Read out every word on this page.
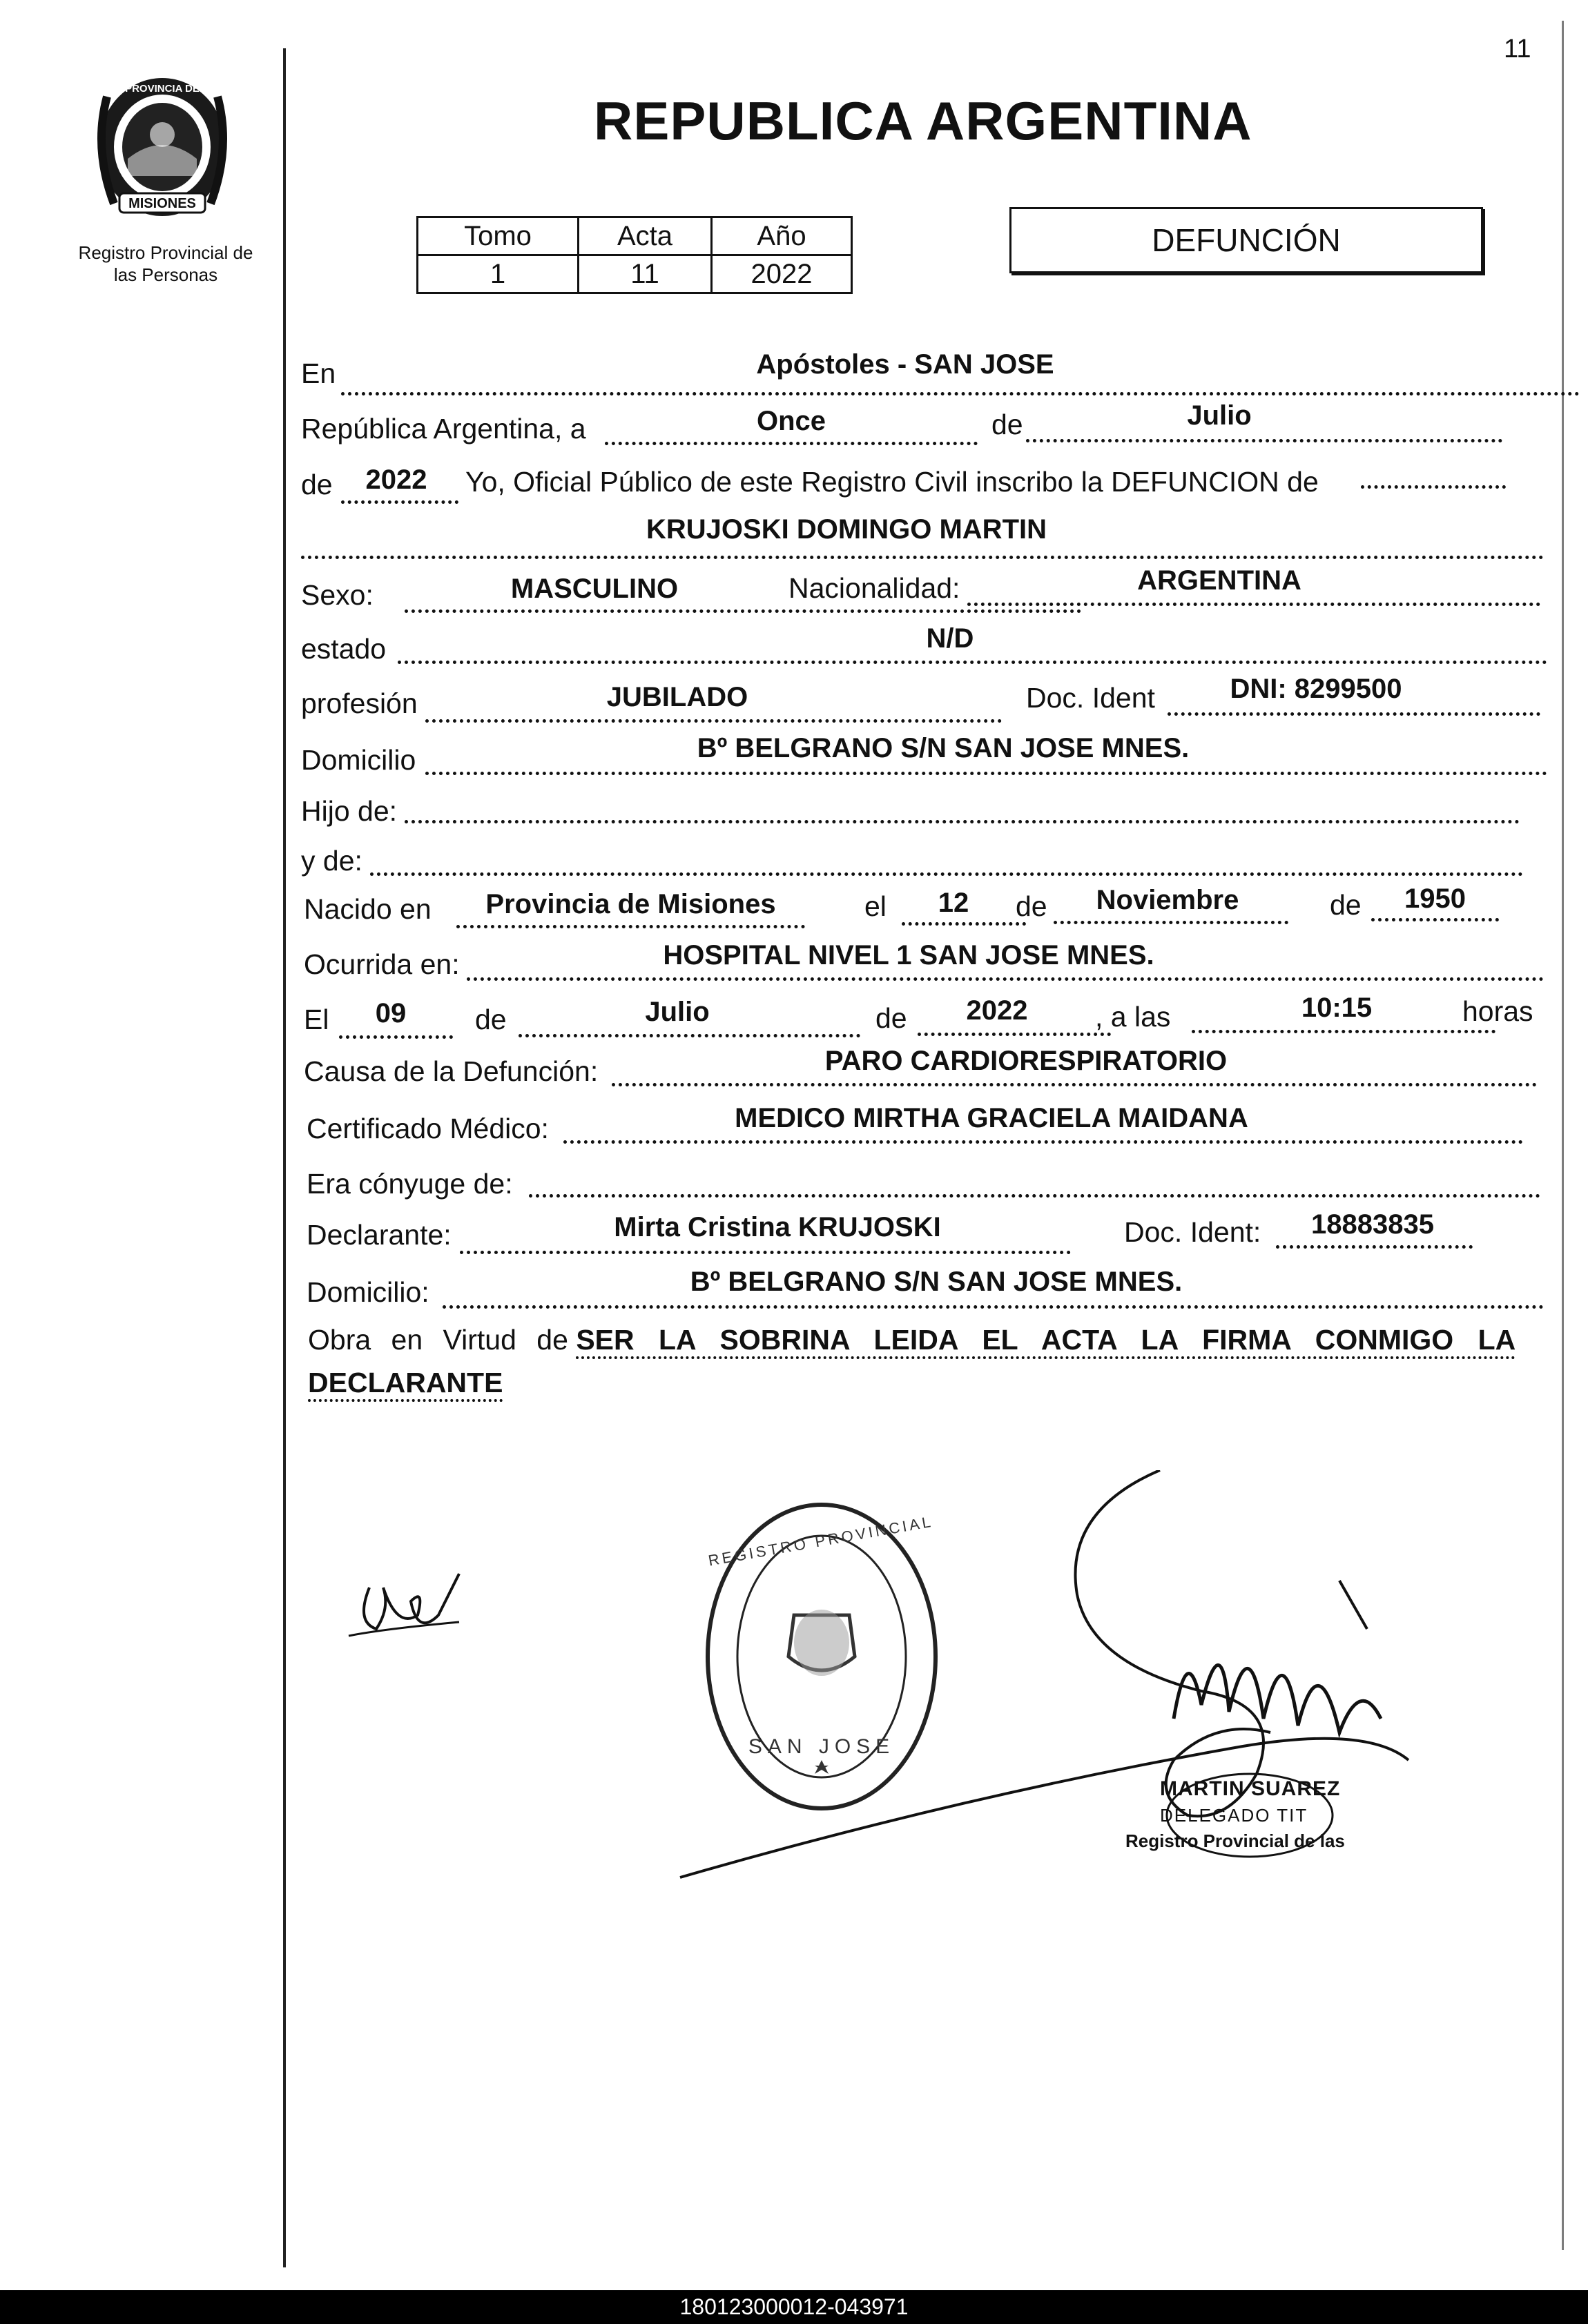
11
PROVINCIA DE
MISIONES
Registro Provincial de
las Personas
REPUBLICA ARGENTINA
Tomo	Acta	Año
1	11	2022
DEFUNCIÓN
En	Apóstoles - SAN JOSE
República Argentina, a	Once	de	Julio
de	2022	Yo, Oficial Público de este Registro Civil inscribo la DEFUNCION de
KRUJOSKI DOMINGO MARTIN
Sexo:	MASCULINO	Nacionalidad:	ARGENTINA
estado	N/D
profesión	JUBILADO	Doc. Ident	DNI: 8299500
Domicilio	Bº BELGRANO S/N SAN JOSE MNES.
Hijo de:
y de:
Nacido en	Provincia de Misiones	el	12	de	Noviembre	de	1950
Ocurrida en:	HOSPITAL NIVEL 1 SAN JOSE MNES.
El	09	de	Julio	de	2022	, a las	10:15	horas
Causa de la Defunción:	PARO CARDIORESPIRATORIO
Certificado Médico:	MEDICO MIRTHA GRACIELA MAIDANA
Era cónyuge de:
Declarante:	Mirta Cristina KRUJOSKI	Doc. Ident:	18883835
Domicilio:	Bº BELGRANO S/N SAN JOSE MNES.
Obra en Virtud de SER LA SOBRINA LEIDA EL ACTA LA FIRMA CONMIGO LA DECLARANTE
REGISTRO PROVINCIAL
SAN JOSE
MARTIN SUAREZ
DELEGADO TIT
Registro Provincial de las
180123000012-043971
